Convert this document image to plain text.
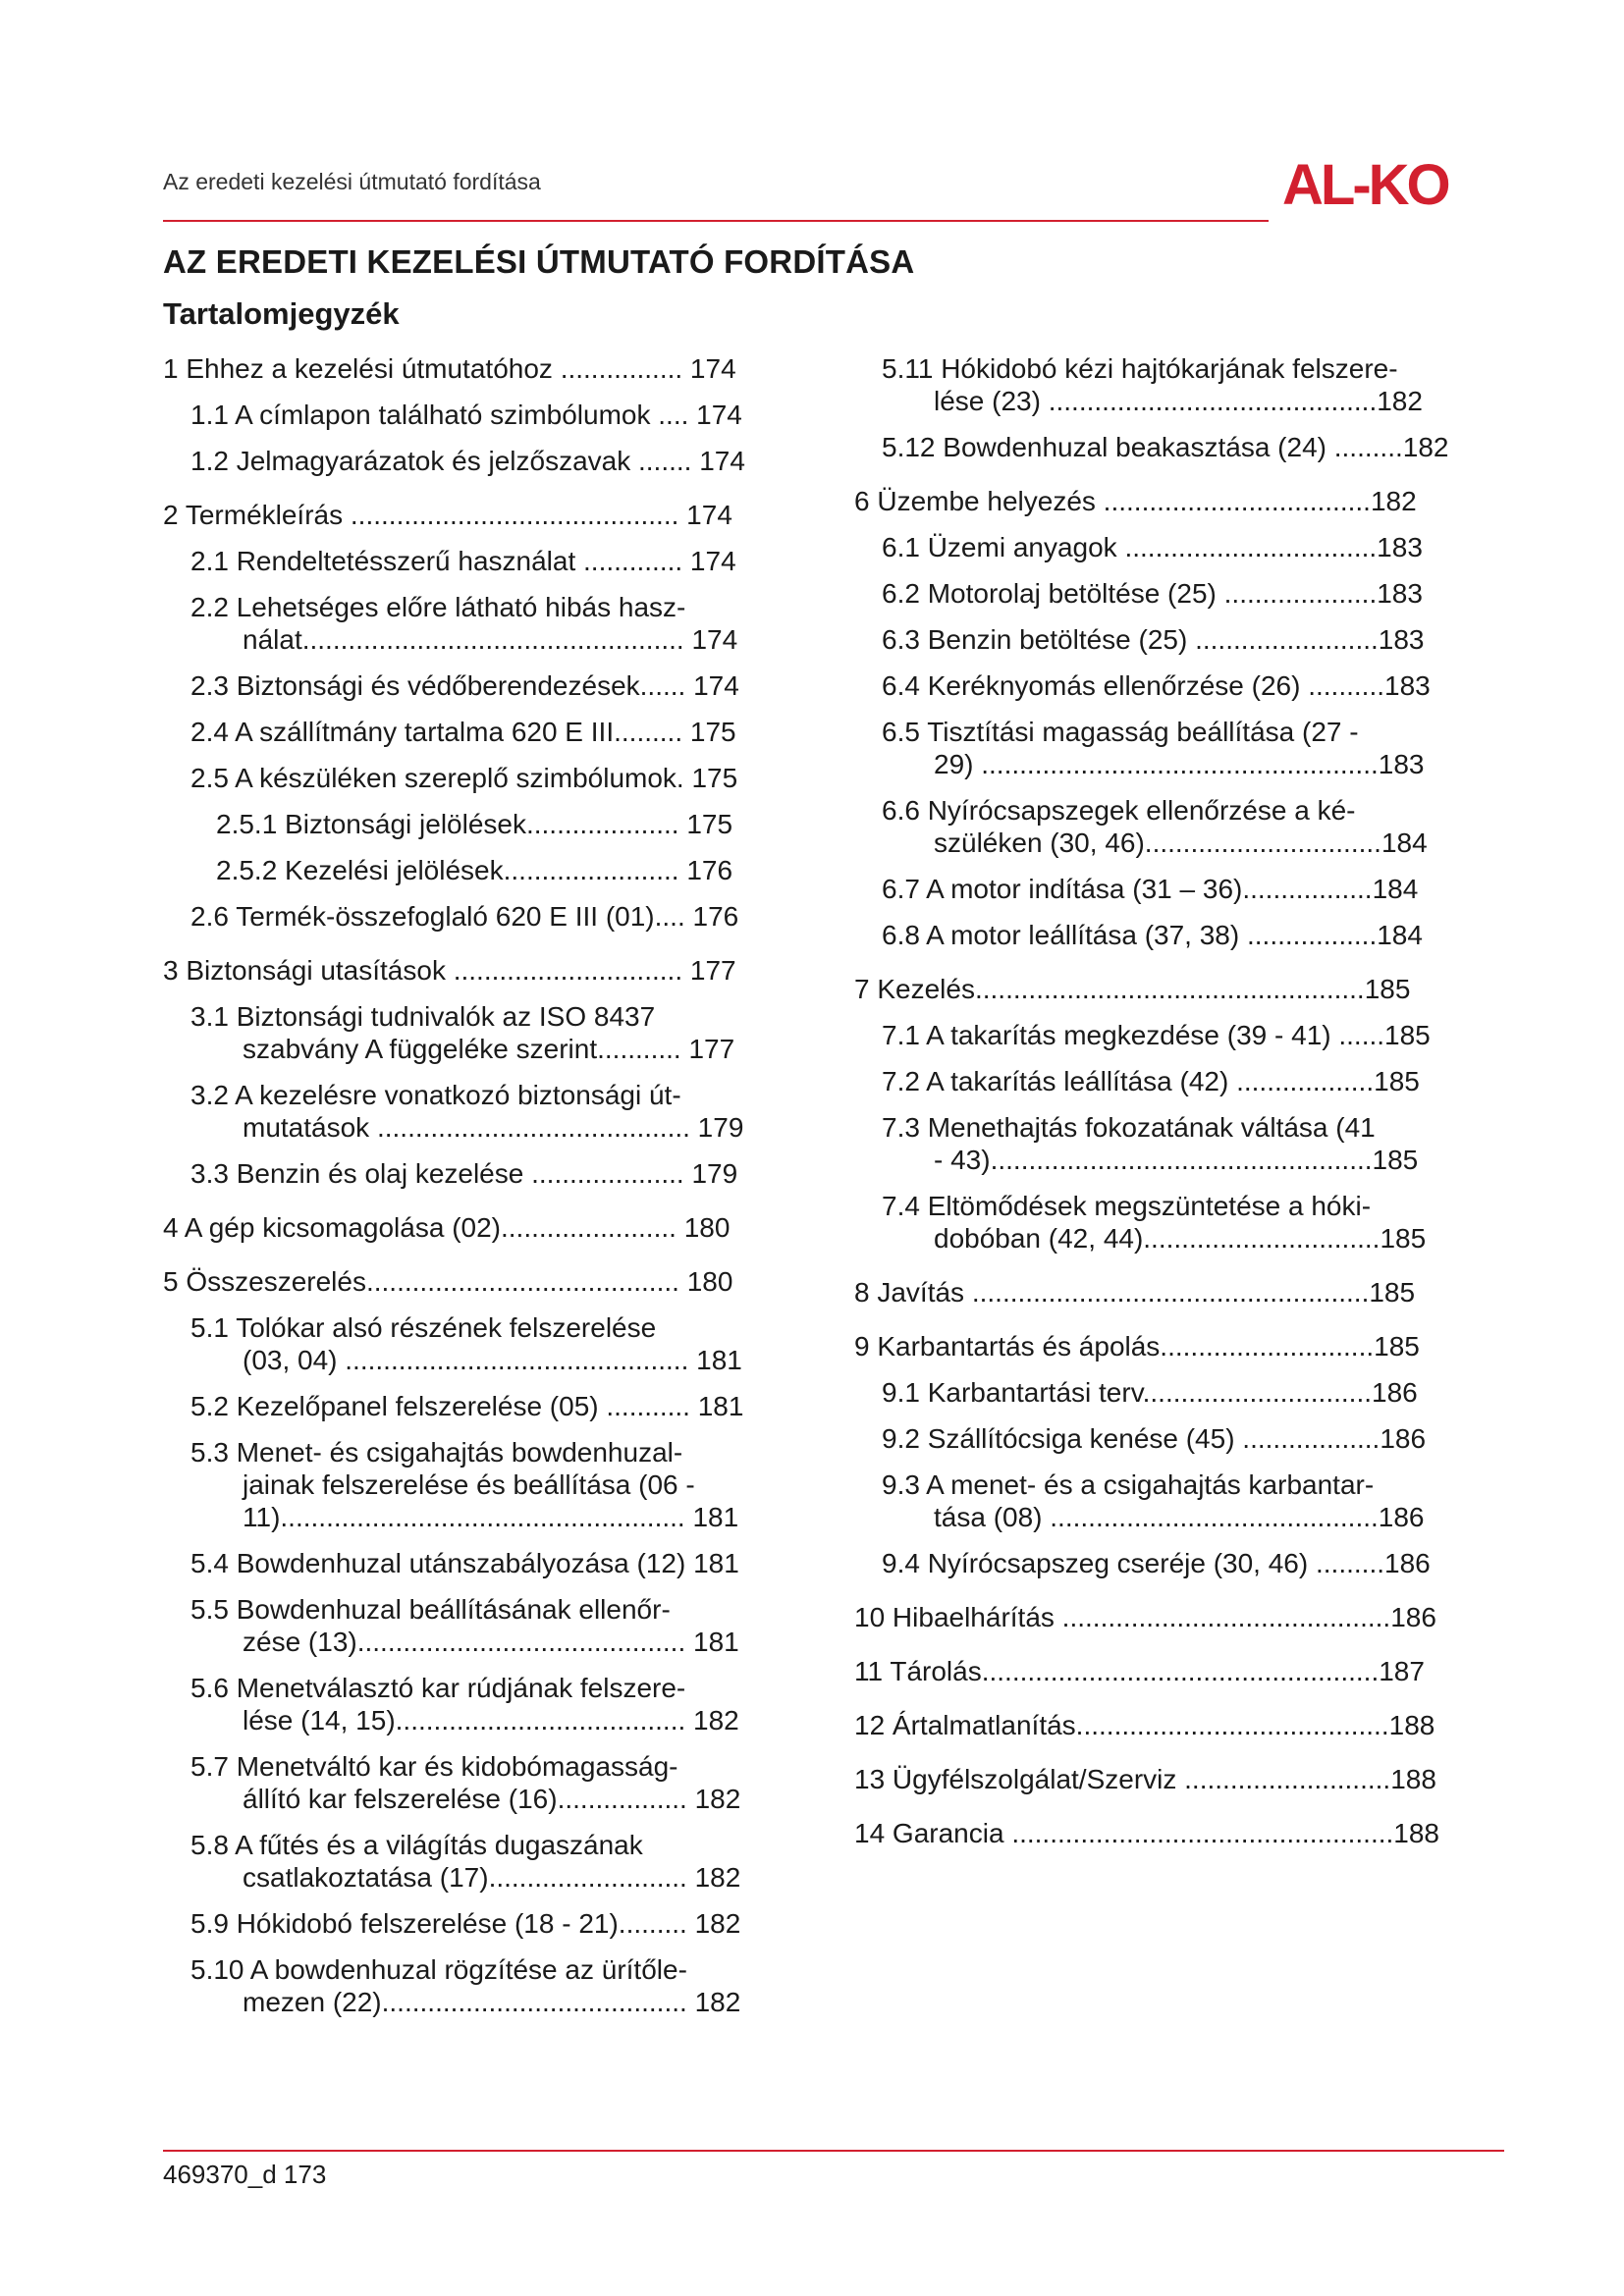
Az eredeti kezelési útmutató fordítása	AL-KO
AZ EREDETI KEZELÉSI ÚTMUTATÓ FORDÍTÁSA
Tartalomjegyzék
1 Ehhez a kezelési útmutatóhoz ................ 174
1.1 A címlapon található szimbólumok .... 174
1.2 Jelmagyarázatok és jelzőszavak ....... 174
2 Termékleírás ........................................... 174
2.1 Rendeltetésszerű használat ............. 174
2.2 Lehetséges előre látható hibás hasz-
nálat.................................................. 174
2.3 Biztonsági és védőberendezések...... 174
2.4 A szállítmány tartalma 620 E III......... 175
2.5 A készüléken szereplő szimbólumok. 175
2.5.1 Biztonsági jelölések.................... 175
2.5.2 Kezelési jelölések....................... 176
2.6 Termék-összefoglaló 620 E III (01).... 176
3 Biztonsági utasítások .............................. 177
3.1 Biztonsági tudnivalók az ISO 8437
szabvány A függeléke szerint........... 177
3.2 A kezelésre vonatkozó biztonsági út-
mutatások ......................................... 179
3.3 Benzin és olaj kezelése .................... 179
4 A gép kicsomagolása (02)....................... 180
5 Összeszerelés......................................... 180
5.1 Tolókar alsó részének felszerelése
(03, 04) ............................................. 181
5.2 Kezelőpanel felszerelése (05) ........... 181
5.3 Menet- és csigahajtás bowdenhuzal-
jainak felszerelése és beállítása (06 -
11)..................................................... 181
5.4 Bowdenhuzal utánszabályozása (12) 181
5.5 Bowdenhuzal beállításának ellenőr-
zése (13)........................................... 181
5.6 Menetválasztó kar rúdjának felszere-
lése (14, 15)...................................... 182
5.7 Menetváltó kar és kidobómagasság-
állító kar felszerelése (16)................. 182
5.8 A fűtés és a világítás dugaszának
csatlakoztatása (17).......................... 182
5.9 Hókidobó felszerelése (18 - 21)......... 182
5.10 A bowdenhuzal rögzítése az ürítőle-
mezen (22)........................................ 182
5.11 Hókidobó kézi hajtókarjának felszere-
lése (23) ...........................................182
5.12 Bowdenhuzal beakasztása (24) .........182
6 Üzembe helyezés ...................................182
6.1 Üzemi anyagok .................................183
6.2 Motorolaj betöltése (25) ....................183
6.3 Benzin betöltése (25) ........................183
6.4 Keréknyomás ellenőrzése (26) ..........183
6.5 Tisztítási magasság beállítása (27 -
29) ....................................................183
6.6 Nyírócsapszegek ellenőrzése a ké-
szüléken (30, 46)...............................184
6.7 A motor indítása (31 – 36).................184
6.8 A motor leállítása (37, 38) .................184
7 Kezelés...................................................185
7.1 A takarítás megkezdése (39 - 41) ......185
7.2 A takarítás leállítása (42) ..................185
7.3 Menethajtás fokozatának váltása (41
- 43)..................................................185
7.4 Eltömődések megszüntetése a hóki-
dobóban (42, 44)...............................185
8 Javítás ....................................................185
9 Karbantartás és ápolás............................185
9.1 Karbantartási terv..............................186
9.2 Szállítócsiga kenése (45) ..................186
9.3 A menet- és a csigahajtás karbantar-
tása (08) ...........................................186
9.4 Nyírócsapszeg cseréje (30, 46) .........186
10 Hibaelhárítás ...........................................186
11 Tárolás....................................................187
12 Ártalmatlanítás.........................................188
13 Ügyfélszolgálat/Szerviz ...........................188
14 Garancia ..................................................188
469370_d 173
